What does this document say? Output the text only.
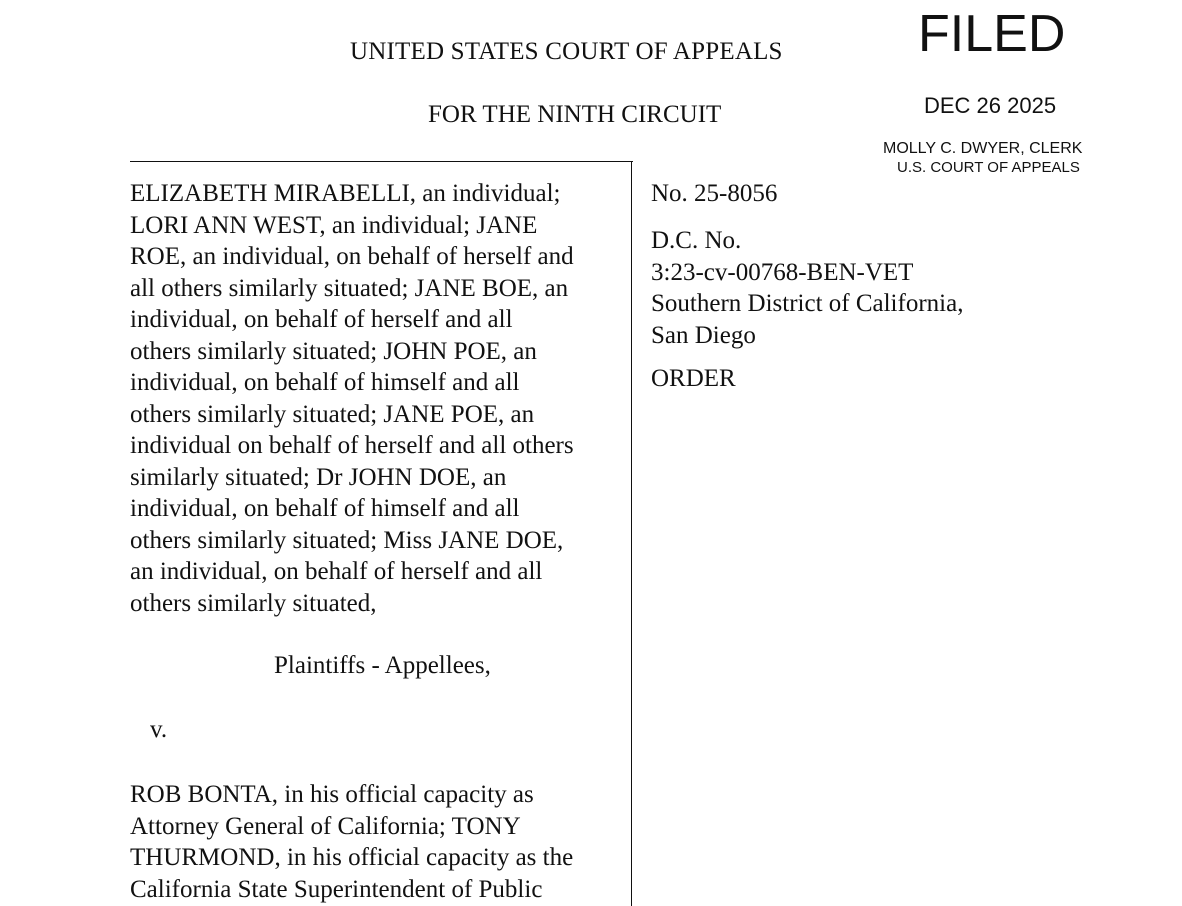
UNITED STATES COURT OF APPEALS
FOR THE NINTH CIRCUIT
FILED
DEC 26 2025
MOLLY C. DWYER, CLERK
U.S. COURT OF APPEALS
ELIZABETH MIRABELLI, an individual;
LORI ANN WEST, an individual; JANE
ROE, an individual, on behalf of herself and
all others similarly situated; JANE BOE, an
individual, on behalf of herself and all
others similarly situated; JOHN POE, an
individual, on behalf of himself and all
others similarly situated; JANE POE, an
individual on behalf of herself and all others
similarly situated; Dr JOHN DOE, an
individual, on behalf of himself and all
others similarly situated; Miss JANE DOE,
an individual, on behalf of herself and all
others similarly situated,
Plaintiffs - Appellees,
v.
ROB BONTA, in his official capacity as
Attorney General of California; TONY
THURMOND, in his official capacity as the
California State Superintendent of Public
No. 25-8056
D.C. No.
3:23-cv-00768-BEN-VET
Southern District of California,
San Diego
ORDER
